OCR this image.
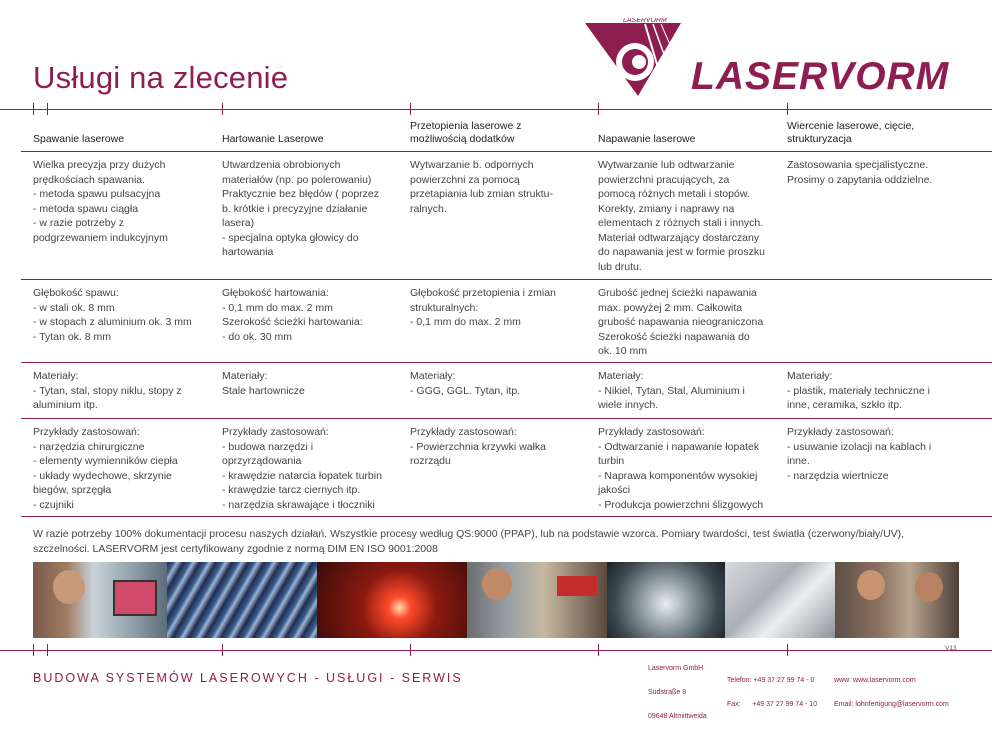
Usługi na zlecenie
LASERVORM
LASERVORM
Spawanie laserowe	Hartowanie Laserowe
Przetopienia laserowe z
możliwością dodatków	Napawanie laserowe
Wiercenie laserowe, cięcie,
strukturyzacja
Wielka precyzja przy dużych
prędkościach spawania.
- metoda spawu pulsacyjna
- metoda spawu ciągła
- w razie potrzeby z
podgrzewaniem indukcyjnym
Utwardzenia obrobionych
materiałów (np. po polerowaniu)
Praktycznie bez błędów ( poprzez
b. krótkie i precyzyjne działanie
lasera)
- specjalna optyka głowicy do
hartowania
Wytwarzanie b. odpornych
powierzchni za pomocą
przetapiania lub zmian struktu-
ralnych.
Wytwarzanie lub odtwarzanie
powierzchni pracujących, za
pomocą różnych metali i stopów.
Korekty, zmiany i naprawy na
elementach z różnych stali i innych.
Materiał odtwarzający dostarczany
do napawania jest w formie proszku
lub drutu.
Zastosowania specjalistyczne.
Prosimy o zapytania oddzielne.
Głębokość spawu:
- w stali ok. 8 mm
- w stopach z aluminium ok. 3 mm
- Tytan ok. 8 mm
Głębokość hartowania:
- 0,1 mm do max. 2 mm
Szerokość ścieżki hartowania:
- do ok. 30 mm
Głębokość przetopienia i zmian
strukturalnych:
- 0,1 mm do max. 2 mm
Grubość jednej ścieżki napawania
max. powyżej 2 mm. Całkowita
grubość napawania nieograniczona
Szerokość ścieżki napawania do
ok. 10 mm
Materiały:
- Tytan, stal, stopy niklu, stopy z
aluminium itp.
Materiały:
Stale hartownicze
Materiały:
- GGG, GGL. Tytan, itp.
Materiały:
- Nikiel, Tytan, Stal, Aluminium i
wiele innych.
Materiały:
- plastik, materiały techniczne i
inne, ceramika, szkło itp.
Przykłady zastosowań:
- narzędzia chirurgiczne
- elementy wymienników ciepła
- układy wydechowe, skrzynie
biegów, sprzęgła
- czujniki
Przykłady zastosowań:
- budowa narzędzi i
oprzyrządowania
- krawędzie natarcia łopatek turbin
- krawędzie tarcz ciernych itp.
- narzędzia skrawające i tłoczniki
Przykłady zastosowań:
- Powierzchnia krzywki wałka
rozrządu
Przykłady zastosowań:
- Odtwarzanie i napawanie łopatek
turbin
- Naprawa komponentów wysokiej
jakości
- Produkcja powierzchni ślizgowych
Przykłady zastosowań:
- usuwanie izolacji na kablach i
inne.
- narzędzia wiertnicze
W razie potrzeby 100% dokumentacji procesu naszych działań. Wszystkie procesy według QS:9000 (PPAP), lub na podstawie wzorca. Pomiary twardości, test światła (czerwony/biały/UV), szczelności. LASERVORM jest certyfikowany zgodnie z normą DIM EN ISO 9001:2008
V13
BUDOWA SYSTEMÓW LASEROWYCH - USŁUGI - SERWIS

Laservorm GmbH

Südstraße 8

09648 Altmittweida

Telefon: +49 37 27 99 74 - 0

Fax:      +49 37 27 99 74 - 10

www: www.laservorm.com

Email: lohnfertigung@laservorm.com
